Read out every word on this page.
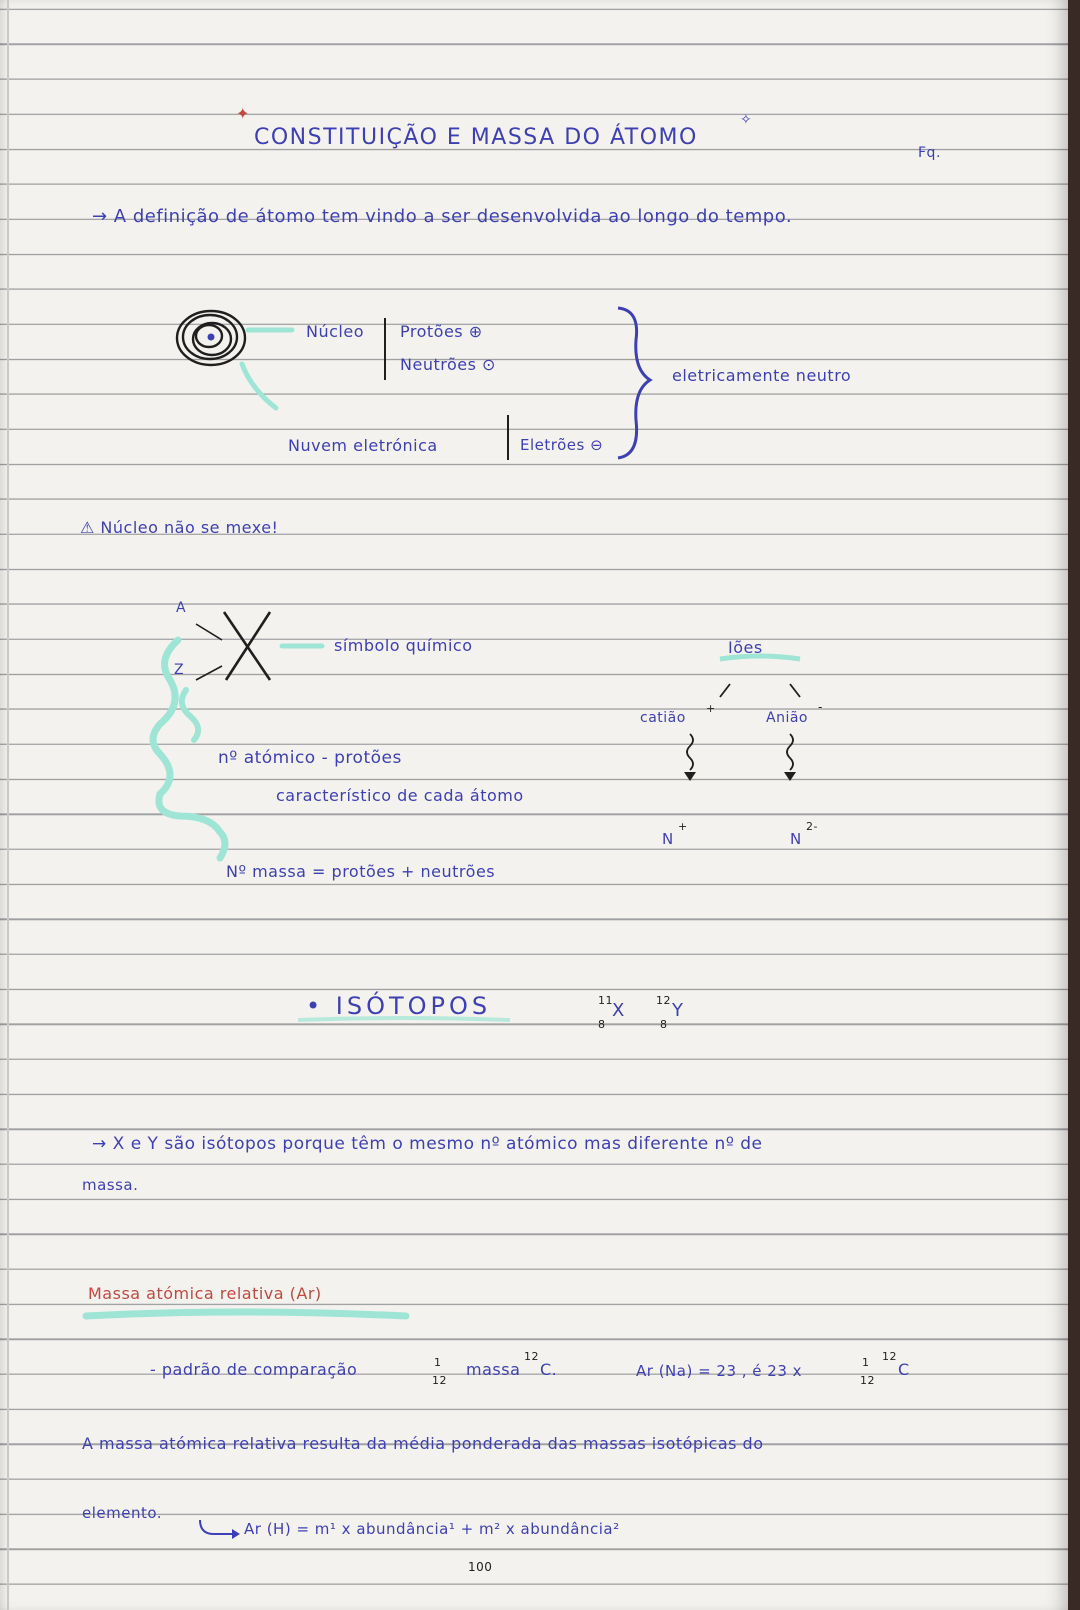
✦	✧
CONSTITUIÇÃO E MASSA DO ÁTOMO
Fq.
→ A definição de átomo tem vindo a ser desenvolvida ao longo do tempo.
Núcleo Protões ⊕
Neutrões ⊙
Nuvem eletrónica	Eletrões ⊖
eletricamente neutro
⚠ Núcleo não se mexe!
A
Z
símbolo químico
nº atómico - protões
característico de cada átomo
Nº massa = protões + neutrões
Iões
catião
+
Anião
-
N
+
N
2-
• ISÓTOPOS	11 X
8
12 Y
8
→ X e Y são isótopos porque têm o mesmo nº atómico mas diferente nº de
massa.
Massa atómica relativa (Ar)
- padrão de comparação	1
12
massa
12
C.	Ar (Na) = 23 , é 23 x	1
12
12
C
A massa atómica relativa resulta da média ponderada das massas isotópicas do
elemento.
Ar (H) = m¹ x abundância¹ + m² x abundância²
100
